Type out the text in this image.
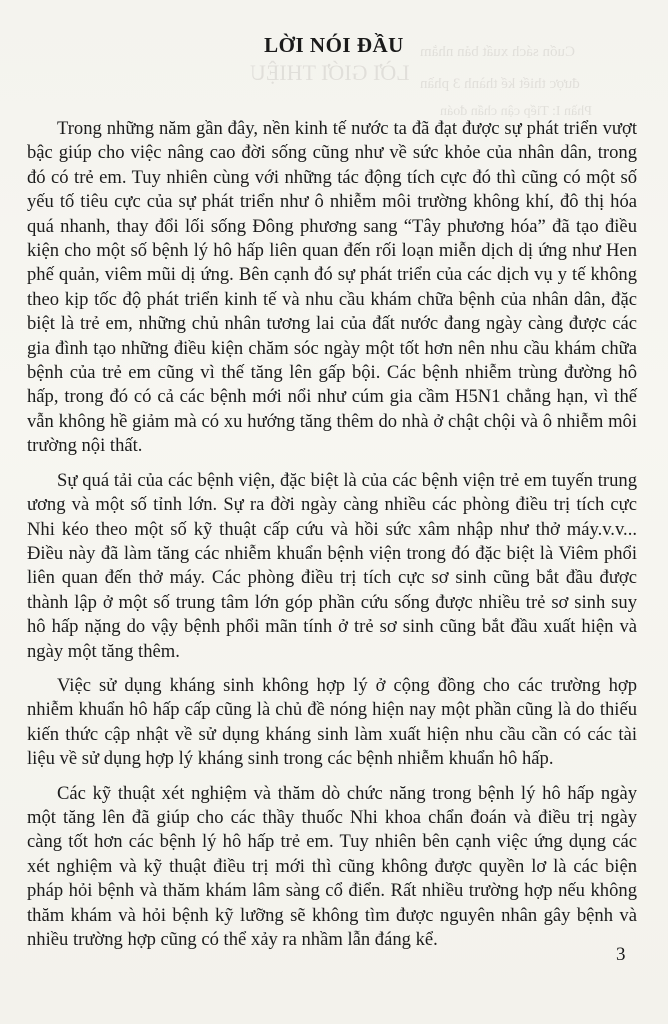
Cuốn sách xuất bản nhằm
LỜI GIỚI THIỆU được thiết kế thành 3 phần
Phần I: Tiếp cận chẩn đoán
LỜI NÓI ĐẦU

Trong những năm gần đây, nền kinh tế nước ta đã đạt được sự phát triển vượt bậc giúp cho việc nâng cao đời sống cũng như về sức khỏe của nhân dân, trong đó có trẻ em. Tuy nhiên cùng với những tác động tích cực đó thì cũng có một số yếu tố tiêu cực của sự phát triển như ô nhiễm môi trường không khí, đô thị hóa quá nhanh, thay đổi lối sống Đông phương sang “Tây phương hóa” đã tạo điều kiện cho một số bệnh lý hô hấp liên quan đến rối loạn miễn dịch dị ứng như Hen phế quản, viêm mũi dị ứng. Bên cạnh đó sự phát triển của các dịch vụ y tế không theo kịp tốc độ phát triển kinh tế và nhu cầu khám chữa bệnh của nhân dân, đặc biệt là trẻ em, những chủ nhân tương lai của đất nước đang ngày càng được các gia đình tạo những điều kiện chăm sóc ngày một tốt hơn nên nhu cầu khám chữa bệnh của trẻ em cũng vì thế tăng lên gấp bội. Các bệnh nhiễm trùng đường hô hấp, trong đó có cả các bệnh mới nổi như cúm gia cầm H5N1 chẳng hạn, vì thế vẫn không hề giảm mà có xu hướng tăng thêm do nhà ở chật chội và ô nhiễm môi trường nội thất.

Sự quá tải của các bệnh viện, đặc biệt là của các bệnh viện trẻ em tuyến trung ương và một số tỉnh lớn. Sự ra đời ngày càng nhiều các phòng điều trị tích cực Nhi kéo theo một số kỹ thuật cấp cứu và hồi sức xâm nhập như thở máy.v.v... Điều này đã làm tăng các nhiễm khuẩn bệnh viện trong đó đặc biệt là Viêm phổi liên quan đến thở máy. Các phòng điều trị tích cực sơ sinh cũng bắt đầu được thành lập ở một số trung tâm lớn góp phần cứu sống được nhiều trẻ sơ sinh suy hô hấp nặng do vậy bệnh phổi mãn tính ở trẻ sơ sinh cũng bắt đầu xuất hiện và ngày một tăng thêm.

Việc sử dụng kháng sinh không hợp lý ở cộng đồng cho các trường hợp nhiễm khuẩn hô hấp cấp cũng là chủ đề nóng hiện nay một phần cũng là do thiếu kiến thức cập nhật về sử dụng kháng sinh làm xuất hiện nhu cầu cần có các tài liệu về sử dụng hợp lý kháng sinh trong các bệnh nhiễm khuẩn hô hấp.

Các kỹ thuật xét nghiệm và thăm dò chức năng trong bệnh lý hô hấp ngày một tăng lên đã giúp cho các thầy thuốc Nhi khoa chẩn đoán và điều trị ngày càng tốt hơn các bệnh lý hô hấp trẻ em. Tuy nhiên bên cạnh việc ứng dụng các xét nghiệm và kỹ thuật điều trị mới thì cũng không được quyền lơ là các biện pháp hỏi bệnh và thăm khám lâm sàng cổ điển. Rất nhiều trường hợp nếu không thăm khám và hỏi bệnh kỹ lưỡng sẽ không tìm được nguyên nhân gây bệnh và nhiều trường hợp cũng có thể xảy ra nhầm lẫn đáng kể.

3
